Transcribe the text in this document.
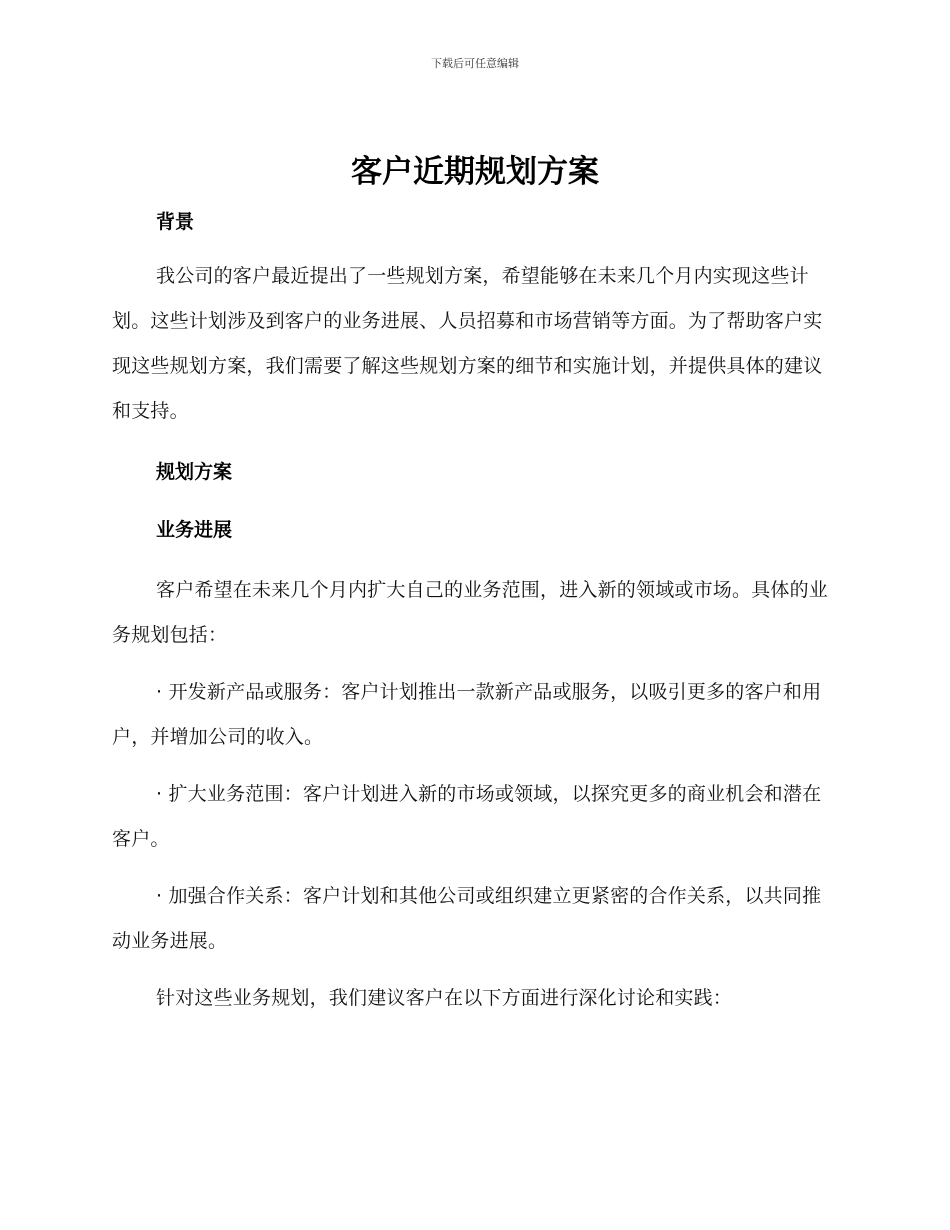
下载后可任意编辑
客户近期规划方案
背景

我公司的客户最近提出了一些规划方案，希望能够在未来几个月内实现这些计划。这些计划涉及到客户的业务进展、人员招募和市场营销等方面。为了帮助客户实现这些规划方案，我们需要了解这些规划方案的细节和实施计划，并提供具体的建议和支持。

规划方案
业务进展

客户希望在未来几个月内扩大自己的业务范围，进入新的领域或市场。具体的业务规划包括：

· 开发新产品或服务：客户计划推出一款新产品或服务，以吸引更多的客户和用户，并增加公司的收入。

· 扩大业务范围：客户计划进入新的市场或领域，以探究更多的商业机会和潜在客户。

· 加强合作关系：客户计划和其他公司或组织建立更紧密的合作关系，以共同推动业务进展。

针对这些业务规划，我们建议客户在以下方面进行深化讨论和实践：
